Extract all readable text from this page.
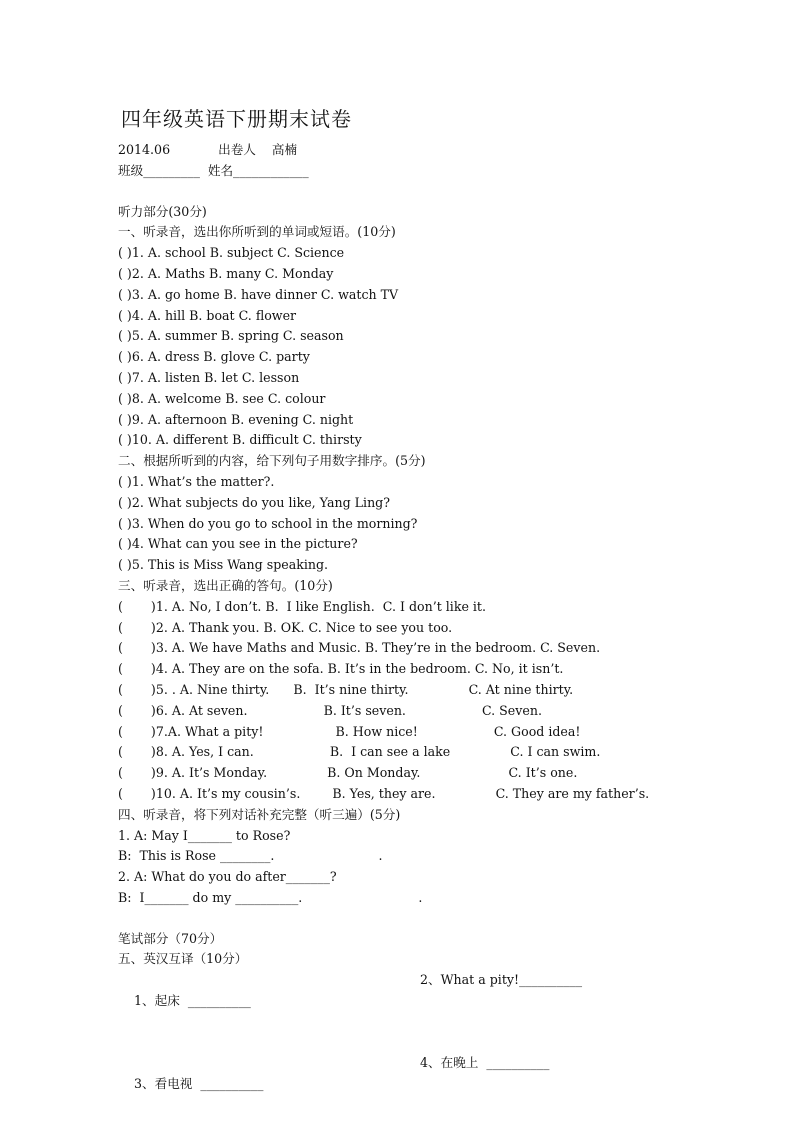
四年级英语下册期末试卷
2014.06            出卷人    高楠
班级_________  姓名____________
听力部分(30分)
一、听录音，选出你所听到的单词或短语。(10分)
( )1. A. school B. subject C. Science
( )2. A. Maths B. many C. Monday
( )3. A. go home B. have dinner C. watch TV
( )4. A. hill B. boat C. flower
( )5. A. summer B. spring C. season
( )6. A. dress B. glove C. party
( )7. A. listen B. let C. lesson
( )8. A. welcome B. see C. colour
( )9. A. afternoon B. evening C. night
( )10. A. different B. difficult C. thirsty
二、根据所听到的内容，给下列句子用数字排序。(5分)
( )1. What’s the matter?.
( )2. What subjects do you like, Yang Ling?
( )3. When do you go to school in the morning?
( )4. What can you see in the picture?
( )5. This is Miss Wang speaking.
三、听录音，选出正确的答句。(10分)
(       )1. A. No, I don’t. B.  I like English.  C. I don’t like it.
(       )2. A. Thank you. B. OK. C. Nice to see you too.
(       )3. A. We have Maths and Music. B. They’re in the bedroom. C. Seven.
(       )4. A. They are on the sofa. B. It’s in the bedroom. C. No, it isn’t.
(       )5. . A. Nine thirty.      B.  It’s nine thirty.               C. At nine thirty.
(       )6. A. At seven.                   B. It’s seven.                   C. Seven.
(       )7.A. What a pity!                  B. How nice!                   C. Good idea!
(       )8. A. Yes, I can.                   B.  I can see a lake               C. I can swim.
(       )9. A. It’s Monday.               B. On Monday.                      C. It’s one.
(       )10. A. It’s my cousin’s.        B. Yes, they are.               C. They are my father’s.
四、听录音，将下列对话补充完整（听三遍）(5分)
1. A: May I_______ to Rose?
B:  This is Rose ________.                          .
2. A: What do you do after_______?
B:  I_______ do my __________.                             .
笔试部分（70分）
五、英汉互译（10分）

1、起床  __________

2、What a pity!__________

3、看电视  __________

4、在晚上  __________
